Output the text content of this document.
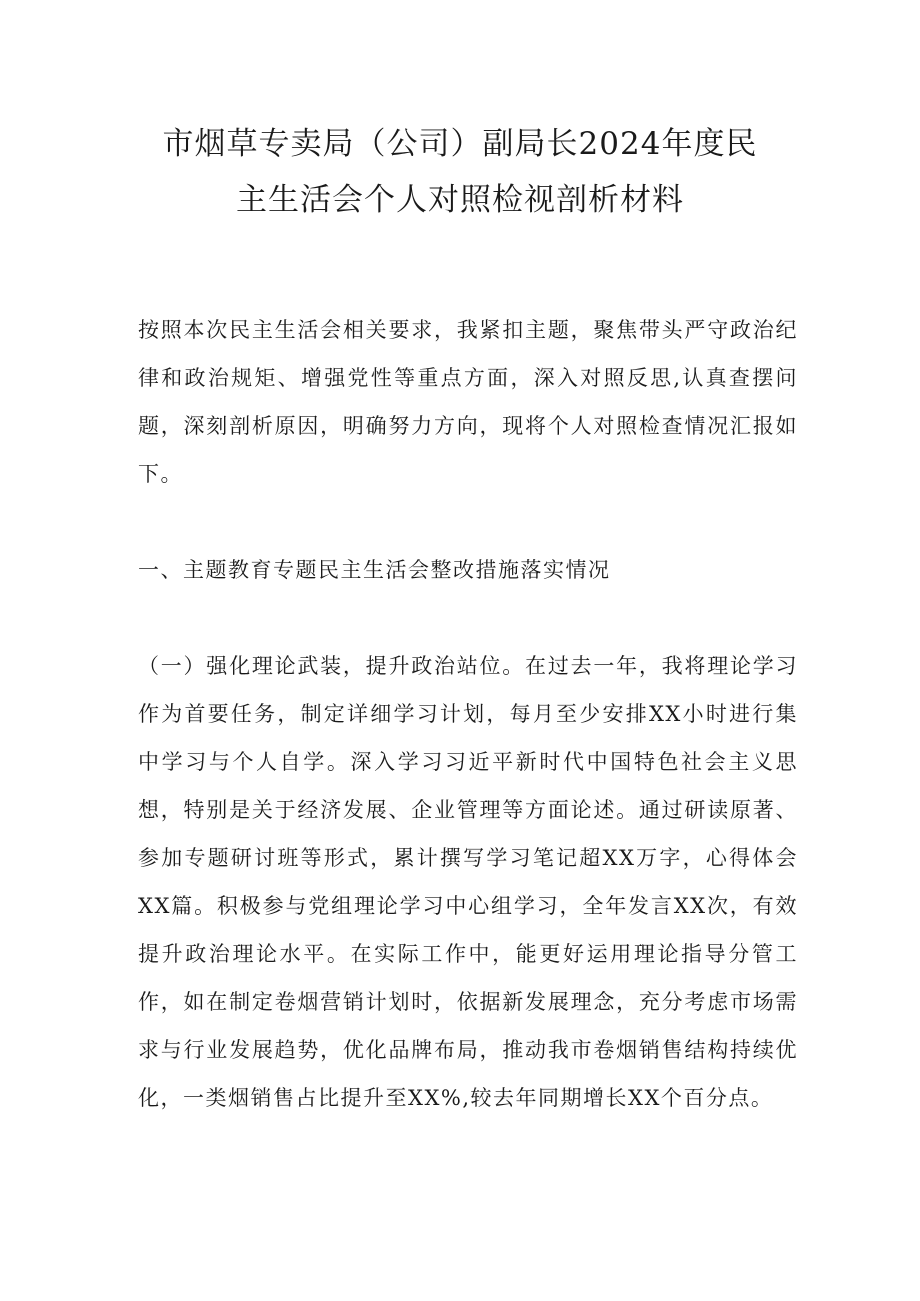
市烟草专卖局（公司）副局长2024年度民
主生活会个人对照检视剖析材料

按照本次民主生活会相关要求，我紧扣主题，聚焦带头严守政治纪律和政治规矩、增强党性等重点方面，深入对照反思,认真查摆问题，深刻剖析原因，明确努力方向，现将个人对照检查情况汇报如下。

一、主题教育专题民主生活会整改措施落实情况

（一）强化理论武装，提升政治站位。在过去一年，我将理论学习作为首要任务，制定详细学习计划，每月至少安排XX小时进行集中学习与个人自学。深入学习习近平新时代中国特色社会主义思想，特别是关于经济发展、企业管理等方面论述。通过研读原著、参加专题研讨班等形式，累计撰写学习笔记超XX万字，心得体会XX篇。积极参与党组理论学习中心组学习，全年发言XX次，有效提升政治理论水平。在实际工作中，能更好运用理论指导分管工作，如在制定卷烟营销计划时，依据新发展理念，充分考虑市场需求与行业发展趋势，优化品牌布局，推动我市卷烟销售结构持续优化，一类烟销售占比提升至XX%,较去年同期增长XX个百分点。
